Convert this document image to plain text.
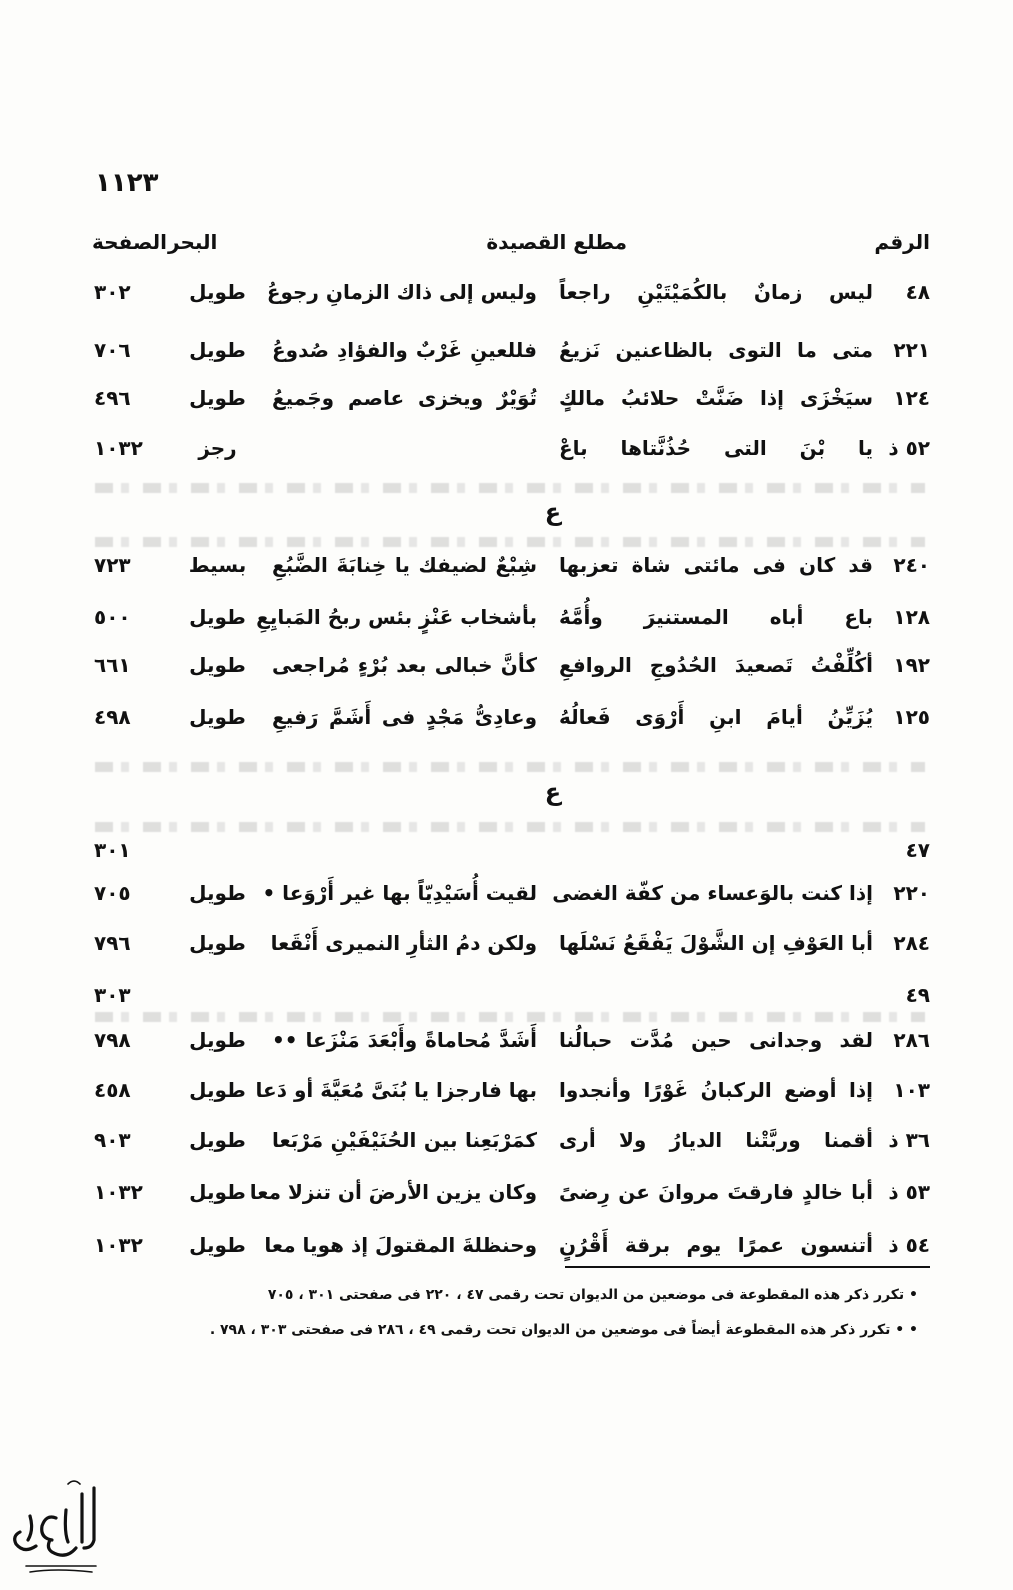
١١٢٣
الرقم
مطلع القصيدة
البحر
الصفحة
ع
ع
٤٨
ليس زمانٌ بالكُمَيْتَيْنِ راجعاً
وليس إلى ذاك الزمانِ رجوعُ
طويل
٣٠٢
٢٢١
متى ما التوى بالظاعنين نَزيعُ
فللعينِ غَرْبٌ والفؤادِ صُدوعُ
طويل
٧٠٦
١٢٤
سيَخْزَى إذا ضَنَّتْ حلائبُ مالكٍ
تُوَيْرٌ ويخزى عاصم وجَميعُ
طويل
٤٩٦
٥٢ ذ
يا بْنَ التى حُذُنَّتاها باعْ
رجز
١٠٣٢
٢٤٠
قد كان فى مائتى شاة تعزبها
شِبْعٌ لضيفك يا خِنابَةَ الضَّبُعِ
بسيط
٧٢٣
١٢٨
باع أباه المستنيرَ وأُمَّهُ
بأشخاب عَنْزٍ بئس ربحُ المَبايِعِ
طويل
٥٠٠
١٩٢
أكُلِّفْتُ تَصعيدَ الحُدُوجِ الروافعِ
كأنَّ خبالى بعد بُرْءٍ مُراجعى
طويل
٦٦١
١٢٥
يُزَيِّنُ أيامَ ابنِ أَرْوَى فَعالُهُ
وعادِىُّ مَجْدٍ فى أَشَمَّ رَفيعِ
طويل
٤٩٨
٤٧
٣٠١
٢٢٠
إذا كنت بالوَعساء من كفّة الغضى
لقيت أُسَيْدِيّاً بها غير أَرْوَعا •
طويل
٧٠٥
٢٨٤
أبا العَوْفِ إن الشَّوْلَ يَفْقَعُ نَسْلَها
ولكن دمُ الثأرِ النميرى أَنْقَعا
طويل
٧٩٦
٤٩
٣٠٣
٢٨٦
لقد وجدانى حين مُدَّت حبالُنا
أَشَدَّ مُحاماةً وأَبْعَدَ مَنْزَعا ••
طويل
٧٩٨
١٠٣
إذا أوضع الركبانُ غَوْرًا وأنجدوا
بها فارجزا يا بُنَىَّ مُعَيَّةَ أو دَعا
طويل
٤٥٨
٣٦ ذ
أقمنا وربَّتْنا الديارُ ولا أرى
كمَرْبَعِنا بين الحُنَيْفَيْنِ مَرْبَعا
طويل
٩٠٣
٥٣ ذ
أبا خالدٍ فارقتَ مروانَ عن رِضىً
وكان يزين الأرضَ أن تنزلا معا
طويل
١٠٣٢
٥٤ ذ
أتنسون عمرًا يوم برقة أَقْرُنٍ
وحنظلةَ المقتولَ إذ هويا معا
طويل
١٠٣٢
• تكرر ذكر هذه المقطوعة فى موضعين من الديوان تحت رقمى ٤٧ ، ٢٢٠ فى صفحتى ٣٠١ ، ٧٠٥
• • تكرر ذكر هذه المقطوعة أيضاً فى موضعين من الديوان تحت رقمى ٤٩ ، ٢٨٦ فى صفحتى ٣٠٣ ، ٧٩٨ .
